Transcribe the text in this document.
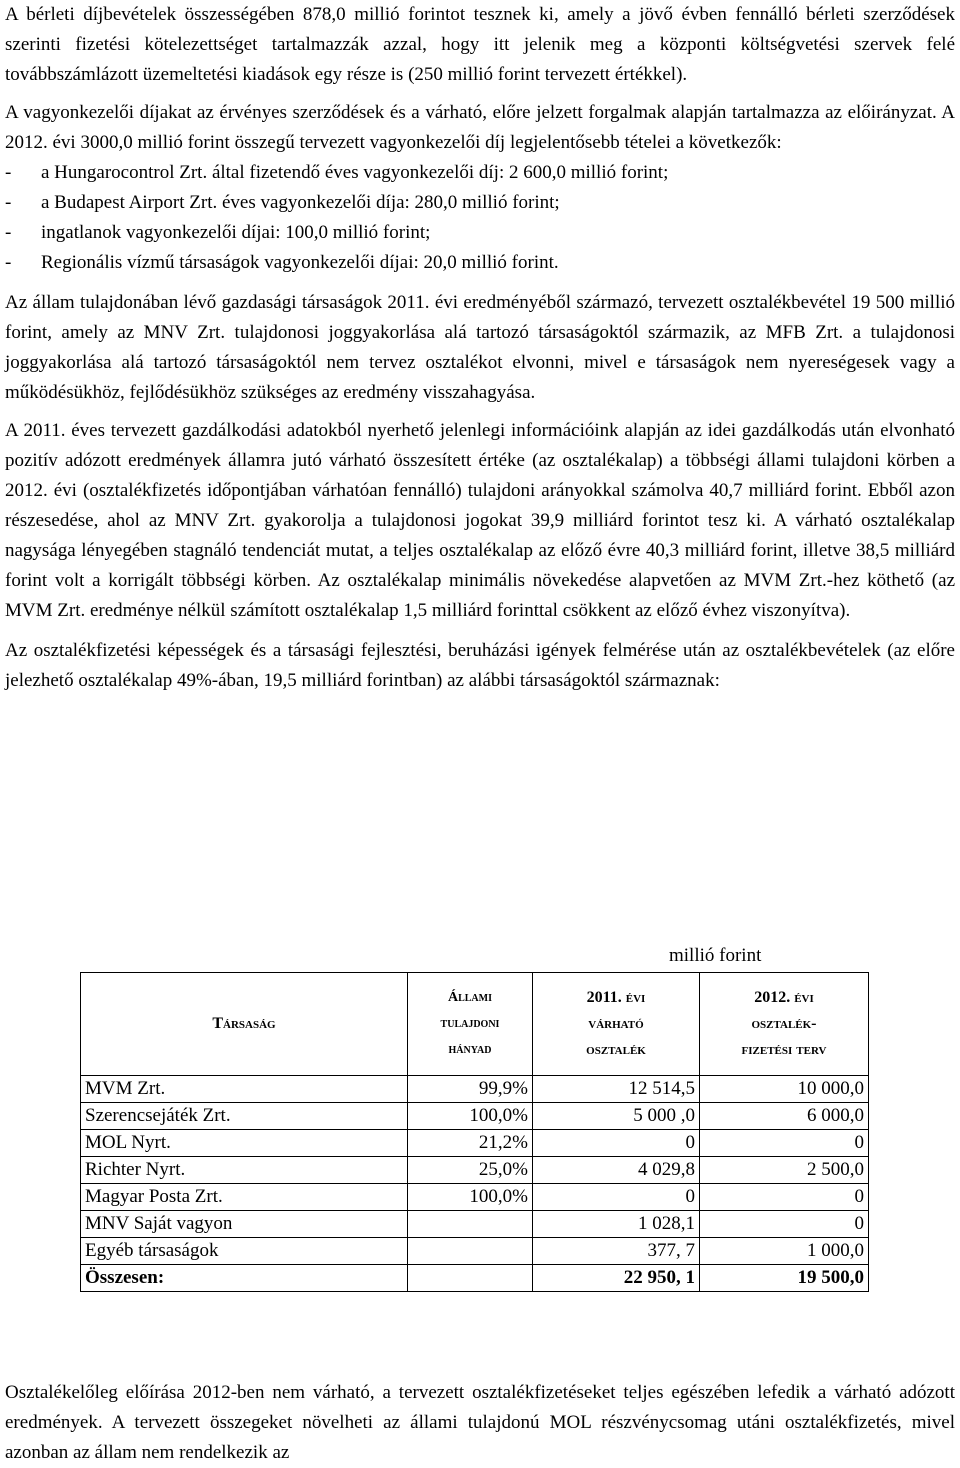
A bérleti díjbevételek összességében 878,0 millió forintot tesznek ki, amely a jövő évben fennálló bérleti szerződések szerinti fizetési kötelezettséget tartalmazzák azzal, hogy itt jelenik meg a központi költségvetési szervek felé továbbszámlázott üzemeltetési kiadások egy része is (250 millió forint tervezett értékkel).

A vagyonkezelői díjakat az érvényes szerződések és a várható, előre jelzett forgalmak alapján tartalmazza az előirányzat. A 2012. évi 3000,0 millió forint összegű tervezett vagyonkezelői díj legjelentősebb tételei a következők:

- a Hungarocontrol Zrt. által fizetendő éves vagyonkezelői díj: 2 600,0 millió forint;
- a Budapest Airport Zrt. éves vagyonkezelői díja: 280,0 millió forint;
- ingatlanok vagyonkezelői díjai: 100,0 millió forint;
- Regionális vízmű társaságok vagyonkezelői díjai: 20,0 millió forint.

Az állam tulajdonában lévő gazdasági társaságok 2011. évi eredményéből származó, tervezett osztalékbevétel 19 500 millió forint, amely az MNV Zrt. tulajdonosi joggyakorlása alá tartozó társaságoktól származik, az MFB Zrt. a tulajdonosi joggyakorlása alá tartozó társaságoktól nem tervez osztalékot elvonni, mivel e társaságok nem nyereségesek vagy a működésükhöz, fejlődésükhöz szükséges az eredmény visszahagyása.

A 2011. éves tervezett gazdálkodási adatokból nyerhető jelenlegi információink alapján az idei gazdálkodás után elvonható pozitív adózott eredmények államra jutó várható összesített értéke (az osztalékalap) a többségi állami tulajdoni körben a 2012. évi (osztalékfizetés időpontjában várhatóan fennálló) tulajdoni arányokkal számolva 40,7 milliárd forint. Ebből azon részesedése, ahol az MNV Zrt. gyakorolja a tulajdonosi jogokat 39,9 milliárd forintot tesz ki. A várható osztalékalap nagysága lényegében stagnáló tendenciát mutat, a teljes osztalékalap az előző évre 40,3 milliárd forint, illetve 38,5 milliárd forint volt a korrigált többségi körben. Az osztalékalap minimális növekedése alapvetően az MVM Zrt.-hez köthető (az MVM Zrt. eredménye nélkül számított osztalékalap 1,5 milliárd forinttal csökkent az előző évhez viszonyítva).

Az osztalékfizetési képességek és a társasági fejlesztési, beruházási igények felmérése után az osztalékbevételek (az előre jelezhető osztalékalap 49%-ában, 19,5 milliárd forintban) az alábbi társaságoktól származnak:

millió forint
Társaság	Állami
tulajdoni
hányad	2011. évi
várható
osztalék	2012. évi
osztalék-
fizetési terv
MVM Zrt.	99,9%	12 514,5	10 000,0
Szerencsejáték Zrt.	100,0%	5 000 ,0	6 000,0
MOL Nyrt.	21,2%	0	0
Richter Nyrt.	25,0%	4 029,8	2 500,0
Magyar Posta Zrt.	100,0%	0	0
MNV Saját vagyon		1 028,1	0
Egyéb társaságok		377, 7	1 000,0
Összesen:		22 950, 1	19 500,0

Osztalékelőleg előírása 2012-ben nem várható, a tervezett osztalékfizetéseket teljes egészében lefedik a várható adózott eredmények. A tervezett összegeket növelheti az állami tulajdonú MOL részvénycsomag utáni osztalékfizetés, mivel azonban az állam nem rendelkezik az
